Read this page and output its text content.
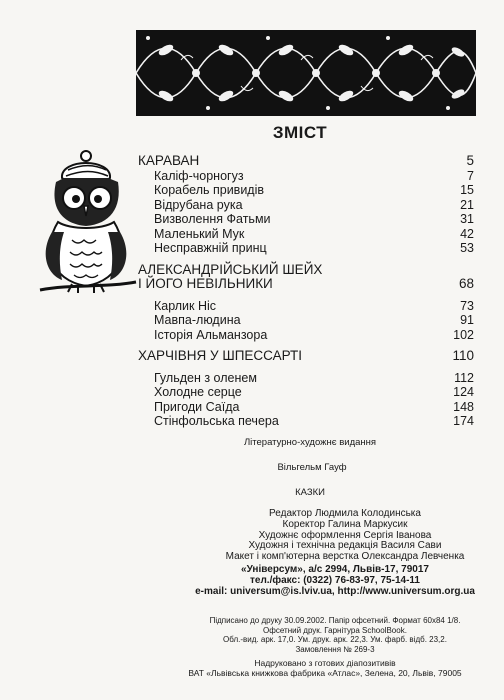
ЗМІСТ
КАРАВАН	5
Каліф-чорногуз	7
Корабель привидів	15
Відрубана рука	21
Визволення Фатьми	31
Маленький Мук	42
Несправжній принц	53
АЛЕКСАНДРІЙСЬКИЙ ШЕЙХ
І ЙОГО НЕВІЛЬНИКИ	68
Карлик Ніс	73
Мавпа-людина	91
Історія Альманзора	102
ХАРЧІВНЯ У ШПЕССАРТІ	110
Гульден з оленем	112
Холодне серце	124
Пригоди Саїда	148
Стінфольська печера	174
Літературно-художнє видання
Вільгельм Гауф
КАЗКИ
Редактор Людмила Колодинська
Коректор Галина Маркусик
Художнє оформлення Сергія Іванова
Художня і технічна редакція Василя Сави
Макет і комп'ютерна верстка Олександра Левченка
«Універсум», а/с 2994, Львів-17, 79017
тел./факс: (0322) 76-83-97, 75-14-11
e-mail: universum@is.lviv.ua, http://www.universum.org.ua
Підписано до друку 30.09.2002. Папір офсетний. Формат 60х84 1/8.
Офсетний друк. Гарнітура SchoolBook.
Обл.-вид. арк. 17,0. Ум. друк. арк. 22,3. Ум. фарб. відб. 23,2.
Замовлення № 269-3
Надруковано з готових діапозитивів
ВАТ «Львівська книжкова фабрика «Атлас», Зелена, 20, Львів, 79005
